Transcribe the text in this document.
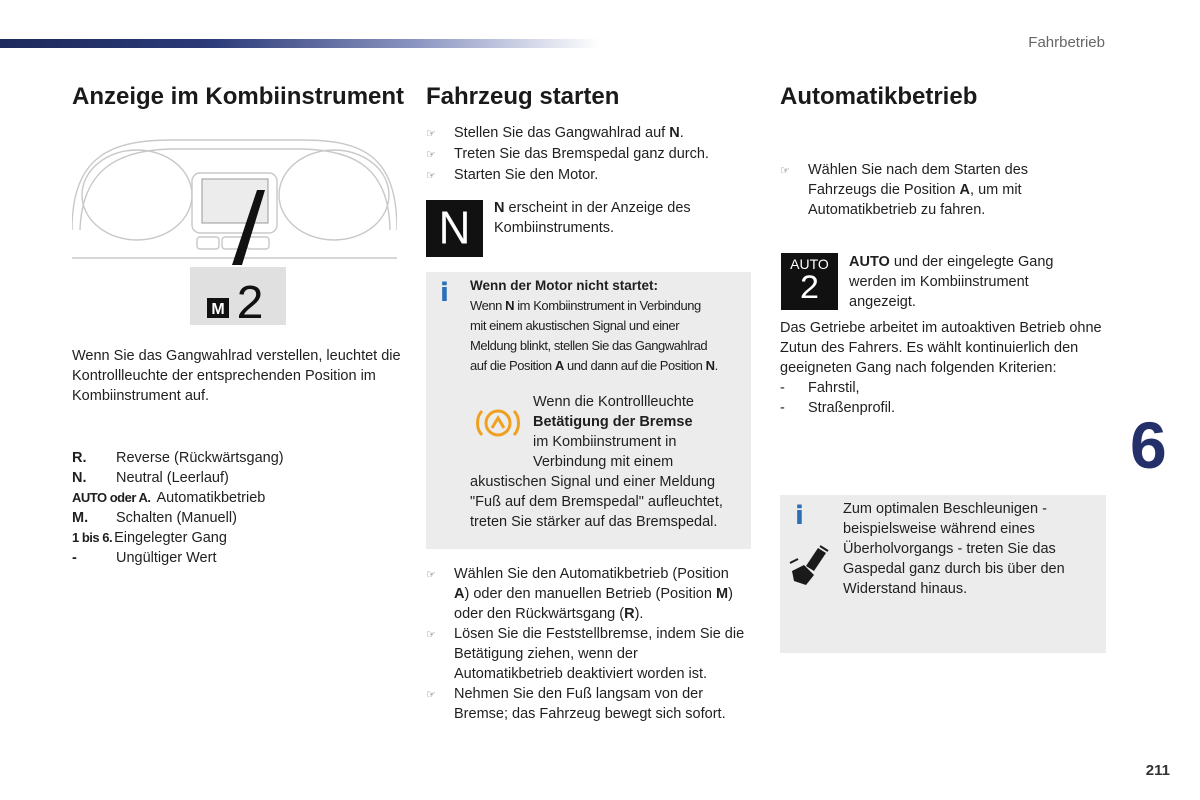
Fahrbetrieb
6
211
Anzeige im Kombiinstrument
M 2

Wenn Sie das Gangwahlrad verstellen, leuchtet die Kontrollleuchte der entsprechenden Position im Kombiinstrument auf.

R.	Reverse (Rückwärtsgang)
N.	Neutral (Leerlauf)
AUTO oder A. Automatikbetrieb
M.	Schalten (Manuell)
1 bis 6. Eingelegter Gang
-	Ungültiger Wert
Fahrzeug starten
☞	Stellen Sie das Gangwahlrad auf N.
☞	Treten Sie das Bremspedal ganz durch.
☞	Starten Sie den Motor.
N	N erscheint in der Anzeige des Kombiinstruments.

i Wenn der Motor nicht startet:

Wenn N im Kombiinstrument in Verbindung
mit einem akustischen Signal und einer
Meldung blinkt, stellen Sie das Gangwahlrad
auf die Position A und dann auf die Position N.

Wenn die Kontrollleuchte

Betätigung der Bremse

im Kombiinstrument in Verbindung mit einem

akustischen Signal und einer Meldung "Fuß auf dem Bremspedal" aufleuchtet, treten Sie stärker auf das Bremspedal.

☞	Wählen Sie den Automatikbetrieb (Position A) oder den manuellen Betrieb (Position M) oder den Rückwärtsgang (R).
☞	Lösen Sie die Feststellbremse, indem Sie die Betätigung ziehen, wenn der Automatikbetrieb deaktiviert worden ist.
☞	Nehmen Sie den Fuß langsam von der Bremse; das Fahrzeug bewegt sich sofort.
Automatikbetrieb
☞	Wählen Sie nach dem Starten des Fahrzeugs die Position A, um mit Automatikbetrieb zu fahren.
AUTO
2

AUTO und der eingelegte Gang werden im Kombiinstrument angezeigt.

Das Getriebe arbeitet im autoaktiven Betrieb ohne Zutun des Fahrers. Es wählt kontinuierlich den geeigneten Gang nach folgenden Kriterien:

-	Fahrstil,
-	Straßenprofil.
i	Zum optimalen Beschleunigen - beispielsweise während eines Überholvorgangs - treten Sie das Gaspedal ganz durch bis über den Widerstand hinaus.
